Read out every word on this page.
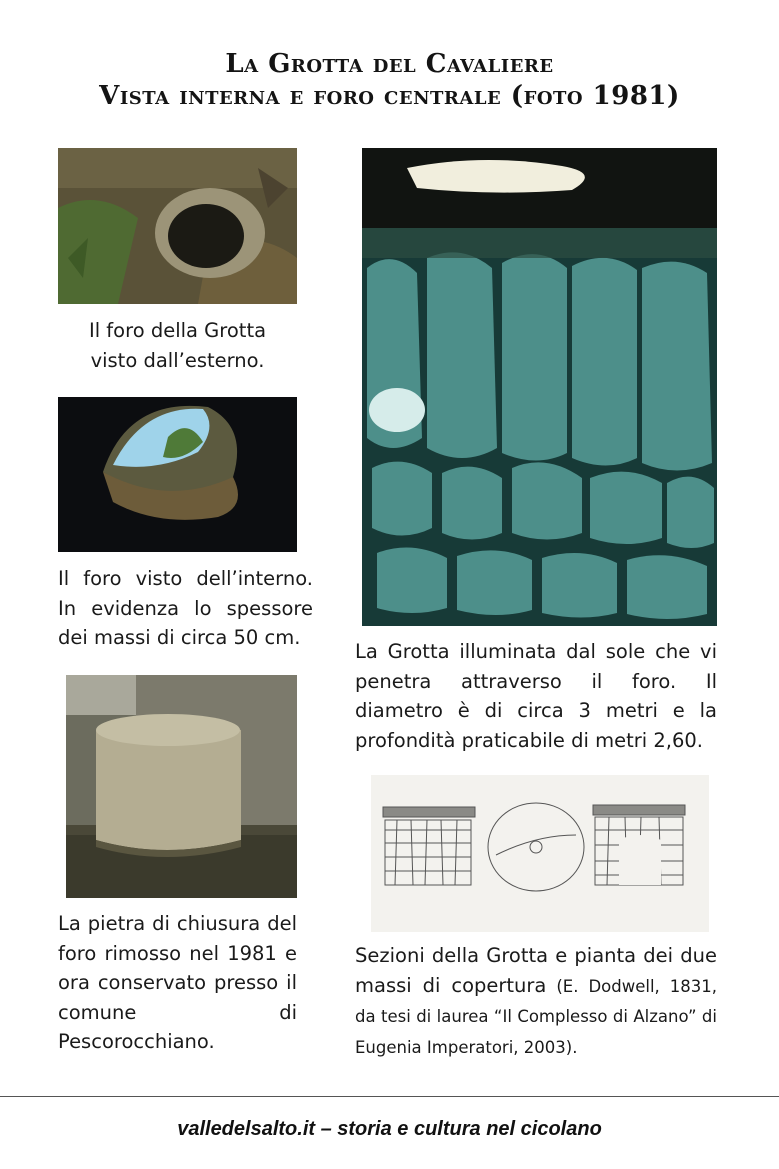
La Grotta del Cavaliere
Vista interna e foro centrale (foto 1981)
Il foro della Grotta
visto dall’esterno.
Il foro visto dell’interno. In evidenza lo spessore dei massi di circa 50 cm.
La pietra di chiusura del foro rimosso nel 1981 e ora conservato presso il comune di Pescorocchiano.
La Grotta illuminata dal sole che vi penetra attraverso il foro. Il diametro è di circa 3 metri e la profondità praticabile di metri 2,60.
Sezioni della Grotta e pianta dei due massi di copertura (E. Dodwell, 1831, da tesi di laurea “Il Complesso di Alzano” di Eugenia Imperatori, 2003).
valledelsalto.it – storia e cultura nel cicolano
